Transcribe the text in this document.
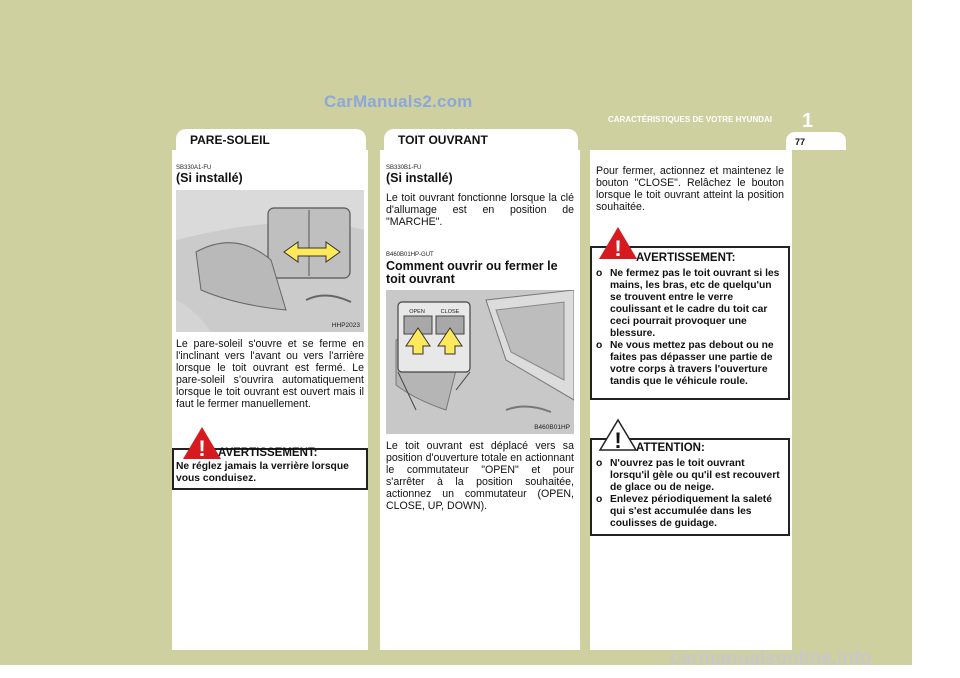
CarManuals2.com
1
CARACTÉRISTIQUES DE VOTRE HYUNDAI
77
PARE-SOLEIL
SB330A1-FU
(Si installé)
HHP2023
Le pare-soleil s'ouvre et se ferme en l'inclinant vers l'avant ou vers l'arrière lorsque le toit ouvrant est fermé. Le pare-soleil s'ouvrira automatiquement lorsque le toit ouvrant est ouvert mais il faut le fermer manuellement.
! AVERTISSEMENT:
Ne réglez jamais la verrière lorsque vous conduisez.
TOIT OUVRANT
SB330B1-FU
(Si installé)
Le toit ouvrant fonctionne lorsque la clé d'allumage est en position de "MARCHE".
B460B01HP-GUT
Comment ouvrir ou fermer le toit ouvrant
OPEN	CLOSE
B460B01HP
Le toit ouvrant est déplacé vers sa position d'ouverture totale en actionnant le commutateur "OPEN" et pour s'arrêter à la position souhaitée, actionnez un commutateur (OPEN, CLOSE, UP, DOWN).
Pour fermer, actionnez et maintenez le bouton "CLOSE". Relâchez le bouton lorsque le toit ouvrant atteint la position souhaitée.
! AVERTISSEMENT:

o Ne fermez pas le toit ouvrant si les mains, les bras, etc de quelqu'un se trouvent entre le verre coulissant et le cadre du toit car ceci pourrait provoquer une blessure.

o Ne vous mettez pas debout ou ne faites pas dépasser une partie de votre corps à travers l'ouverture tandis que le véhicule roule.

! ATTENTION:

o N'ouvrez pas le toit ouvrant lorsqu'il gèle ou qu'il est recouvert de glace ou de neige.

o Enlevez périodiquement la saleté qui s'est accumulée dans les coulisses de guidage.

carmanualsonline.info
